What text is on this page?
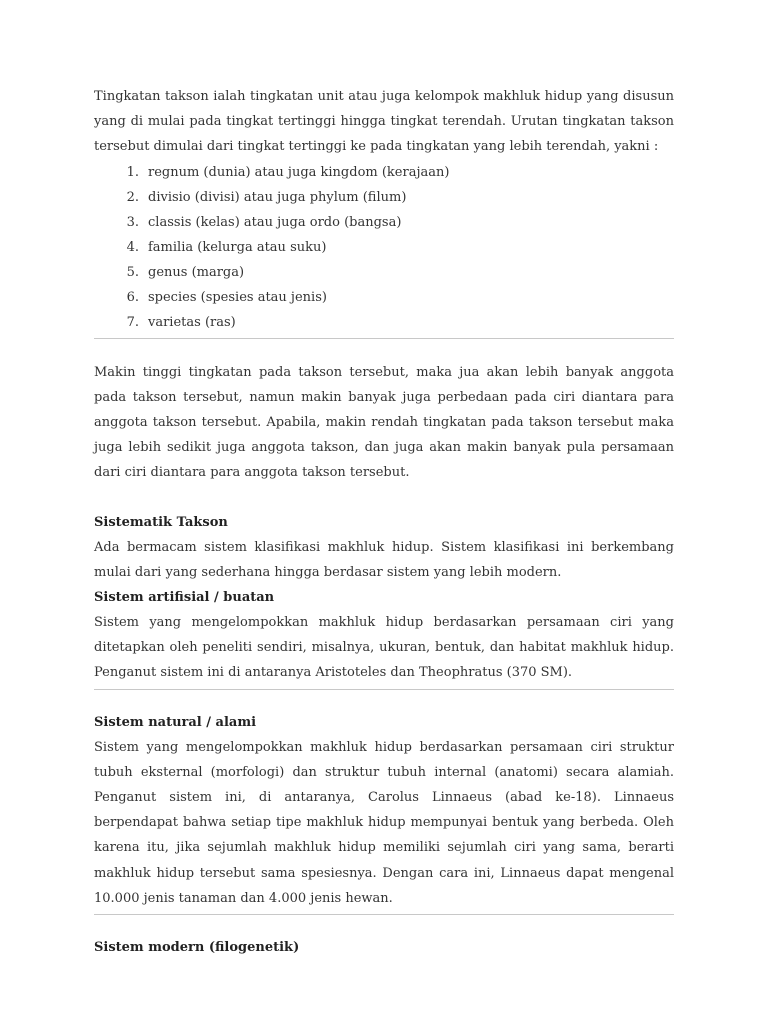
Tingkatan takson ialah tingkatan unit atau juga kelompok makhluk hidup yang disusun yang di mulai pada tingkat tertinggi hingga tingkat terendah. Urutan tingkatan takson tersebut dimulai dari tingkat tertinggi ke pada tingkatan yang lebih terendah, yakni :

1. regnum (dunia) atau juga kingdom (kerajaan)
2. divisio (divisi) atau juga phylum (filum)
3. classis (kelas) atau juga ordo (bangsa)
4. familia (kelurga atau suku)
5. genus (marga)
6. species (spesies atau jenis)
7. varietas (ras)

Makin tinggi tingkatan pada takson tersebut, maka jua akan lebih banyak anggota pada takson tersebut, namun makin banyak juga perbedaan pada ciri diantara para anggota takson tersebut. Apabila, makin rendah tingkatan pada takson tersebut maka juga lebih sedikit juga anggota takson, dan juga akan makin banyak pula persamaan dari ciri diantara para anggota takson tersebut.

Sistematik Takson

Ada bermacam sistem klasifikasi makhluk hidup. Sistem klasifikasi ini berkembang mulai dari yang sederhana hingga berdasar sistem yang lebih modern.

Sistem artifisial / buatan

Sistem yang mengelompokkan makhluk hidup berdasarkan persamaan ciri yang ditetapkan oleh peneliti sendiri, misalnya, ukuran, bentuk, dan habitat makhluk hidup. Penganut sistem ini di antaranya Aristoteles dan Theophratus (370 SM).

Sistem natural / alami

Sistem yang mengelompokkan makhluk hidup berdasarkan persamaan ciri struktur tubuh eksternal (morfologi) dan struktur tubuh internal (anatomi) secara alamiah. Penganut sistem ini, di antaranya, Carolus Linnaeus (abad ke-18). Linnaeus berpendapat bahwa setiap tipe makhluk hidup mempunyai bentuk yang berbeda. Oleh karena itu, jika sejumlah makhluk hidup memiliki sejumlah ciri yang sama, berarti makhluk hidup tersebut sama spesiesnya. Dengan cara ini, Linnaeus dapat mengenal 10.000 jenis tanaman dan 4.000 jenis hewan.

Sistem modern (filogenetik)
